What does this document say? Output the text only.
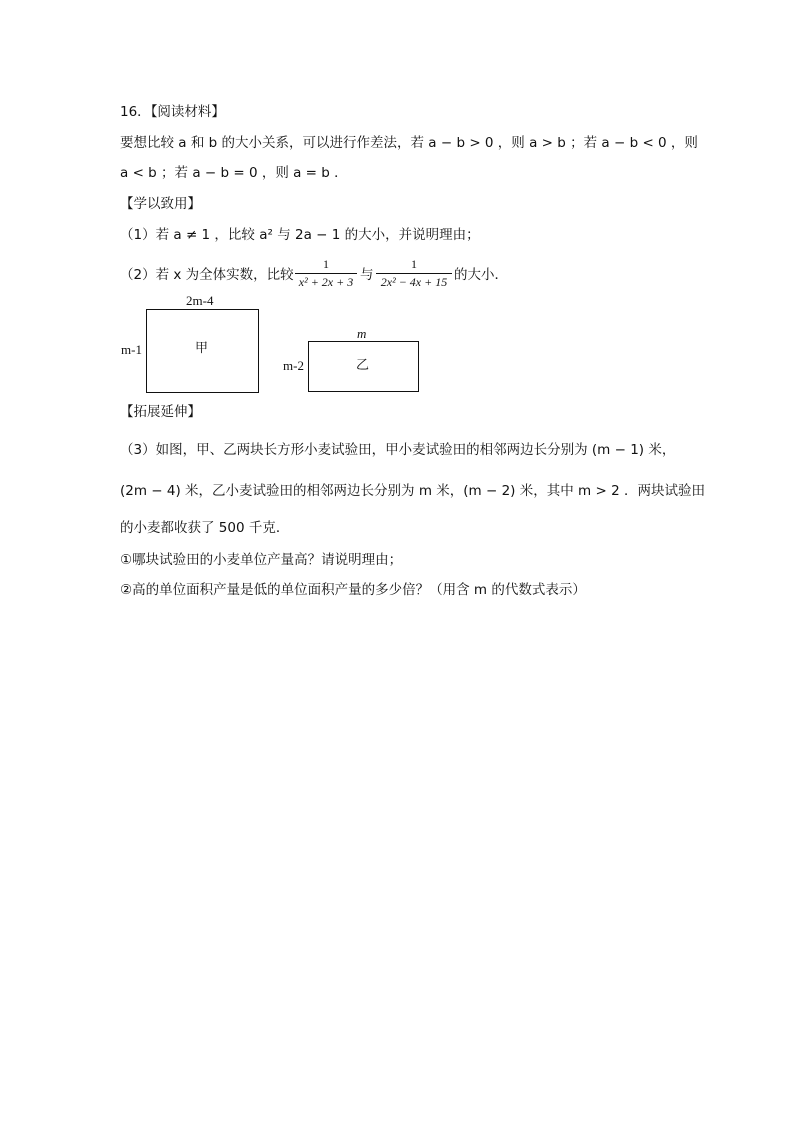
16．【阅读材料】
要想比较 a 和 b 的大小关系，可以进行作差法，若 a − b > 0 ，则 a > b ；若 a − b < 0 ，则
a < b ；若 a − b = 0 ，则 a = b ．
【学以致用】
（1）若 a ≠ 1 ，比较 a² 与 2a − 1 的大小，并说明理由；
（2）若 x 为全体实数，比较
1
x² + 2x + 3 与
1
2x² − 4x + 15 的大小．
2m-4
m-1	甲
m
m-2	乙
【拓展延伸】
（3）如图，甲、乙两块长方形小麦试验田，甲小麦试验田的相邻两边长分别为 (m − 1) 米，
(2m − 4) 米，乙小麦试验田的相邻两边长分别为 m 米，(m − 2) 米，其中 m > 2 ．两块试验田
的小麦都收获了 500 千克．
①哪块试验田的小麦单位产量高？请说明理由；
②高的单位面积产量是低的单位面积产量的多少倍？（用含 m 的代数式表示）
